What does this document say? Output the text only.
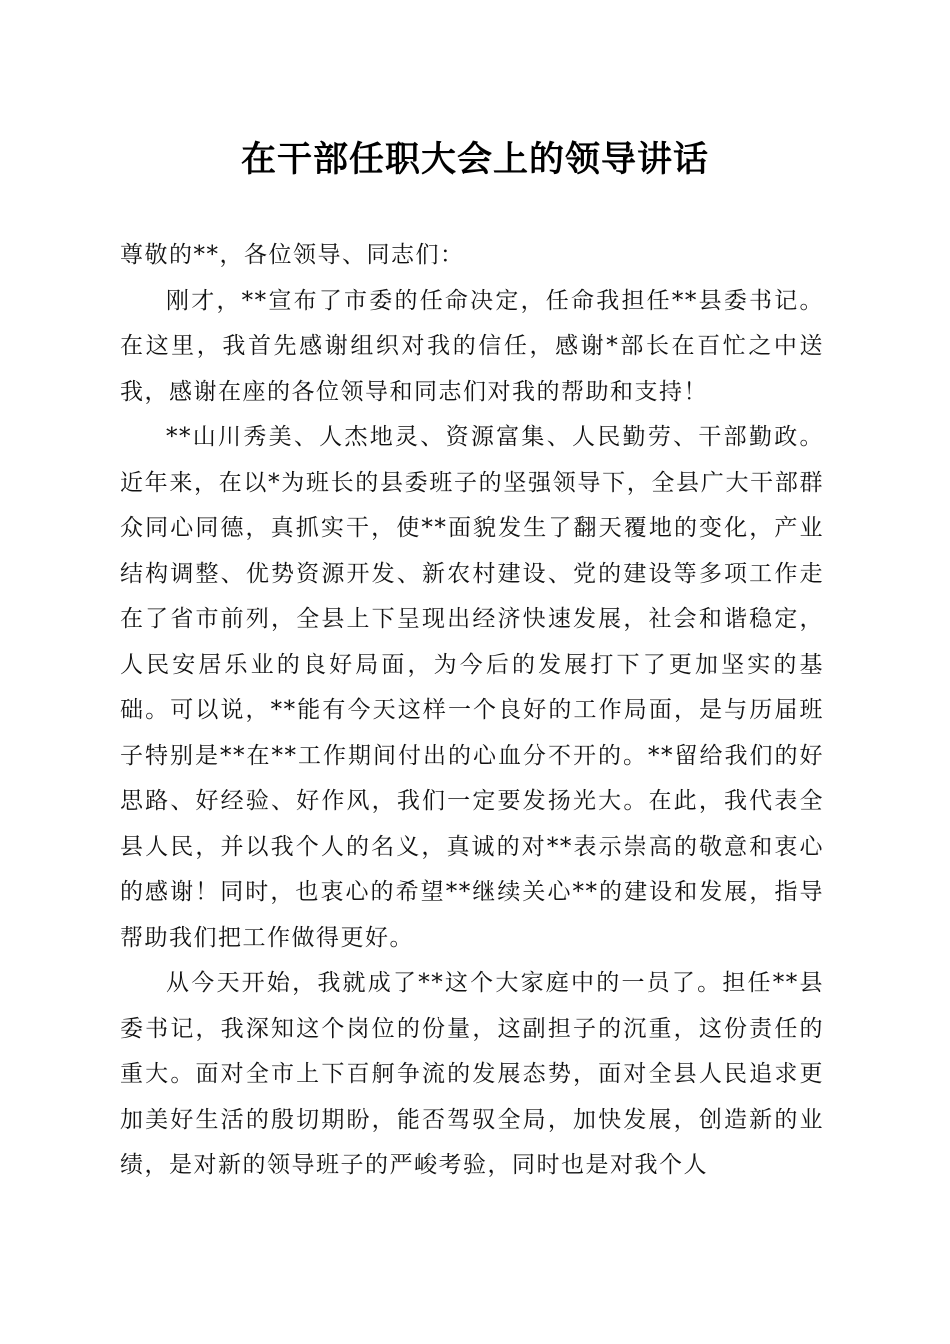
在干部任职大会上的领导讲话

尊敬的**，各位领导、同志们：

刚才，**宣布了市委的任命决定，任命我担任**县委书记。在这里，我首先感谢组织对我的信任，感谢*部长在百忙之中送我，感谢在座的各位领导和同志们对我的帮助和支持！

**山川秀美、人杰地灵、资源富集、人民勤劳、干部勤政。近年来，在以*为班长的县委班子的坚强领导下，全县广大干部群众同心同德，真抓实干，使**面貌发生了翻天覆地的变化，产业结构调整、优势资源开发、新农村建设、党的建设等多项工作走在了省市前列，全县上下呈现出经济快速发展，社会和谐稳定，人民安居乐业的良好局面，为今后的发展打下了更加坚实的基础。可以说，**能有今天这样一个良好的工作局面，是与历届班子特别是**在**工作期间付出的心血分不开的。**留给我们的好思路、好经验、好作风，我们一定要发扬光大。在此，我代表全县人民，并以我个人的名义，真诚的对**表示崇高的敬意和衷心的感谢！同时，也衷心的希望**继续关心**的建设和发展，指导帮助我们把工作做得更好。

从今天开始，我就成了**这个大家庭中的一员了。担任**县委书记，我深知这个岗位的份量，这副担子的沉重，这份责任的重大。面对全市上下百舸争流的发展态势，面对全县人民追求更加美好生活的殷切期盼，能否驾驭全局，加快发展，创造新的业绩，是对新的领导班子的严峻考验，同时也是对我个人
